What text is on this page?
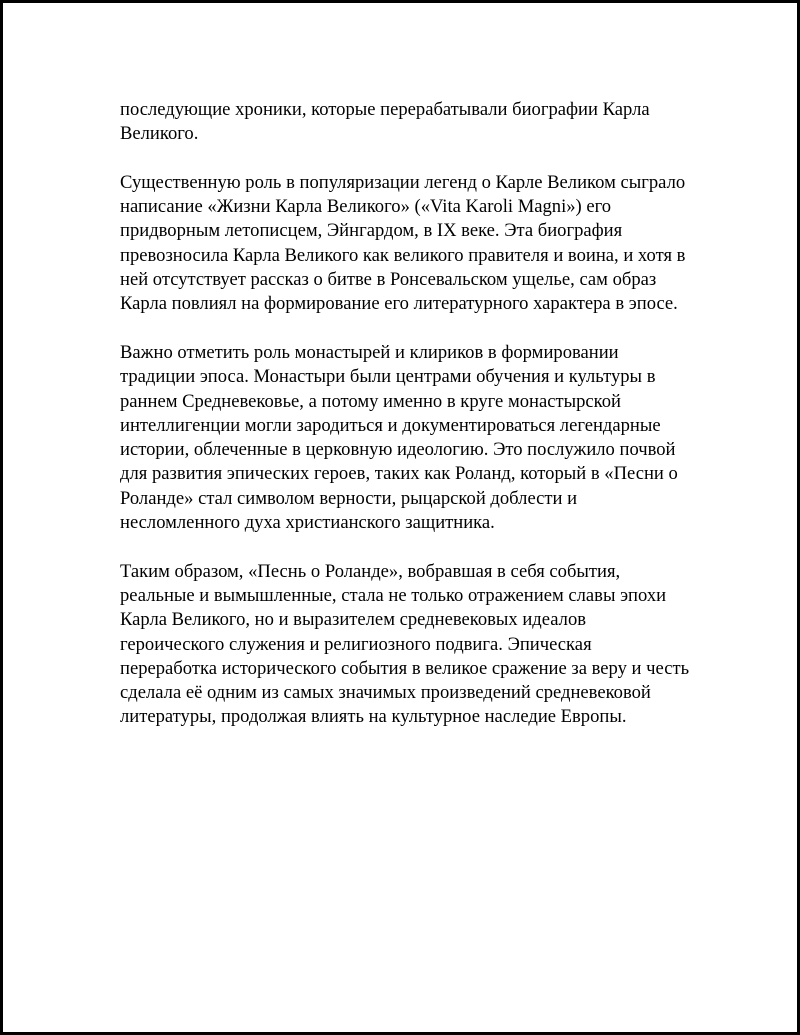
последующие хроники, которые перерабатывали биографии Карла
Великого.

Существенную роль в популяризации легенд о Карле Великом сыграло
написание «Жизни Карла Великого» («Vita Karoli Magni») его
придворным летописцем, Эйнгардом, в IX веке. Эта биография
превозносила Карла Великого как великого правителя и воина, и хотя в
ней отсутствует рассказ о битве в Ронсевальском ущелье, сам образ
Карла повлиял на формирование его литературного характера в эпосе.

Важно отметить роль монастырей и клириков в формировании
традиции эпоса. Монастыри были центрами обучения и культуры в
раннем Средневековье, а потому именно в круге монастырской
интеллигенции могли зародиться и документироваться легендарные
истории, облеченные в церковную идеологию. Это послужило почвой
для развития эпических героев, таких как Роланд, который в «Песни о
Роланде» стал символом верности, рыцарской доблести и
несломленного духа христианского защитника.

Таким образом, «Песнь о Роланде», вобравшая в себя события,
реальные и вымышленные, стала не только отражением славы эпохи
Карла Великого, но и выразителем средневековых идеалов
героического служения и религиозного подвига. Эпическая
переработка исторического события в великое сражение за веру и честь
сделала её одним из самых значимых произведений средневековой
литературы, продолжая влиять на культурное наследие Европы.
